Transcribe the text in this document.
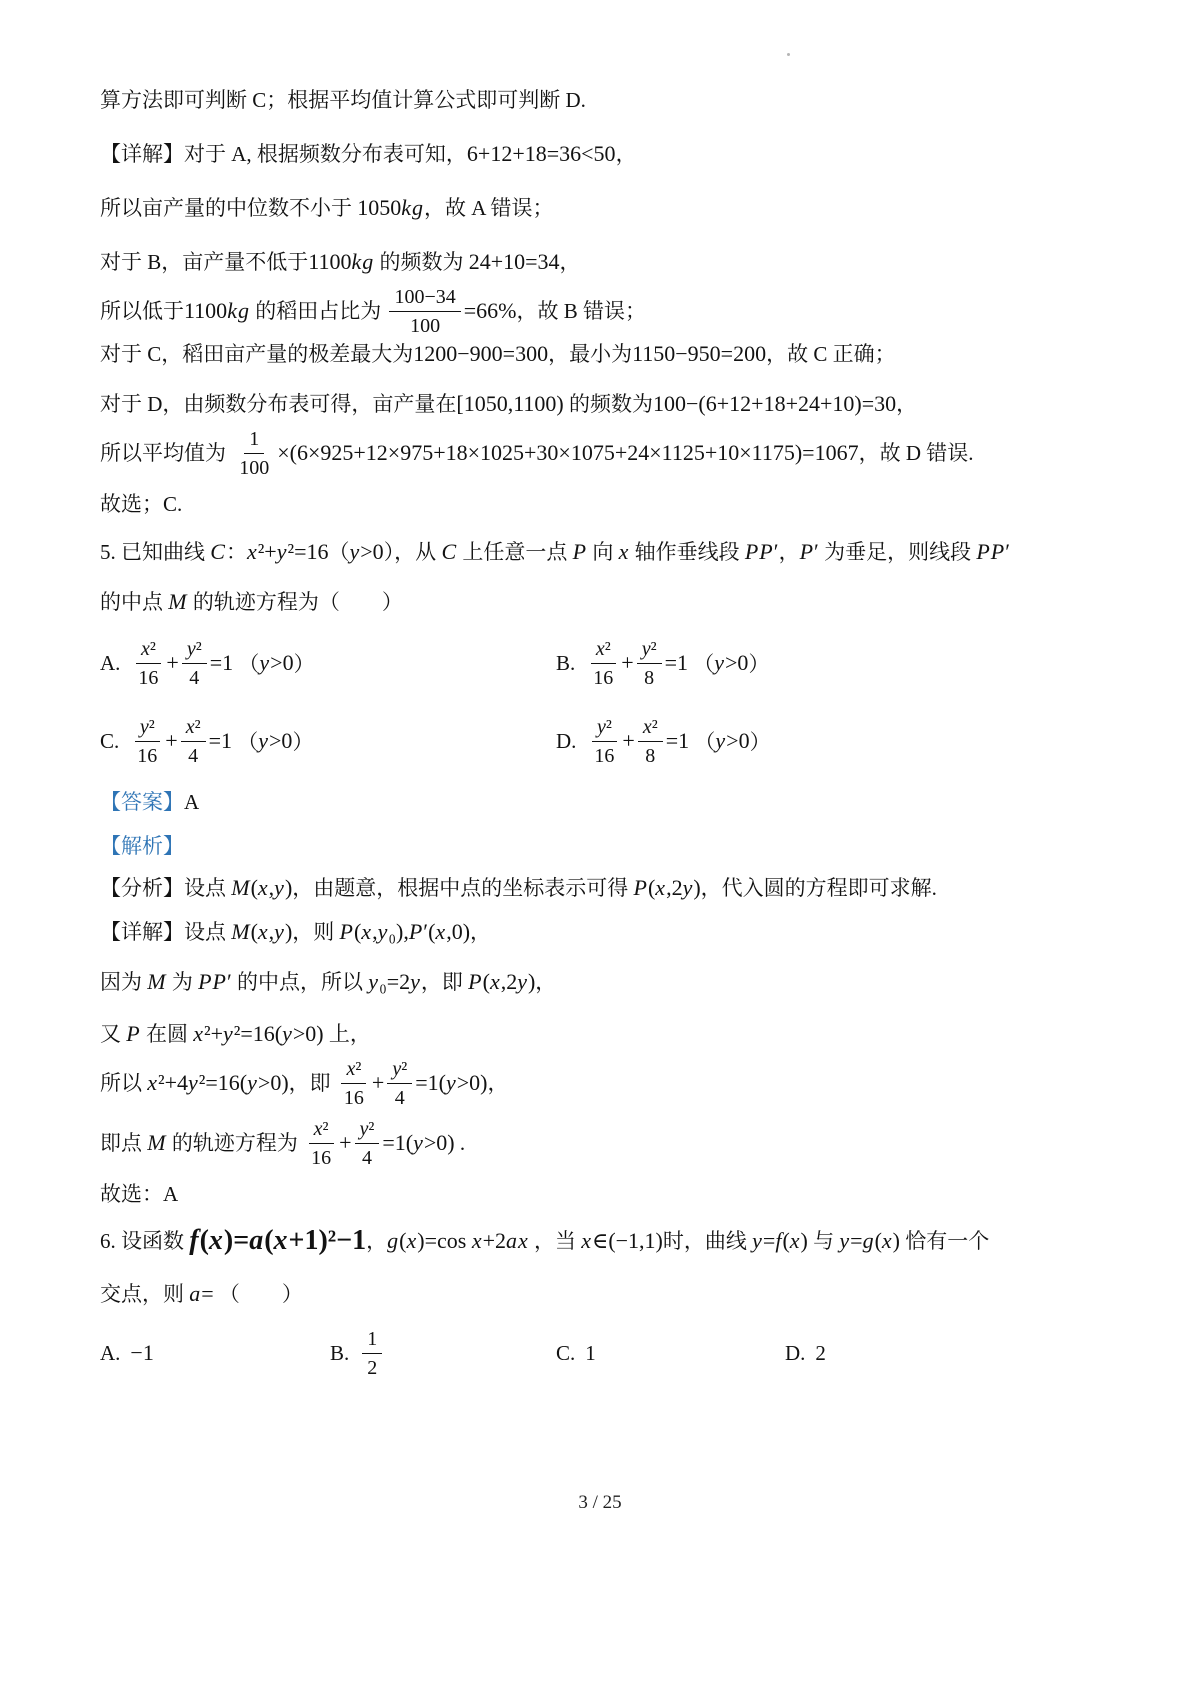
算方法即可判断 C；根据平均值计算公式即可判断 D.
【详解】对于 A, 根据频数分布表可知， 6+12+18=36<50 ，
所以亩产量的中位数不小于 1050kg ，故 A 错误；
对于 B，亩产量不低于 1100kg 的频数为 24+10=34 ，
所以低于 1100kg 的稻田占比为 $\frac{100-34}{100} =66\%$ ，故 B 错误；
对于 C，稻田亩产量的极差最大为 1200−900=300 ，最小为 1150−950=200 ，故 C 正确；
对于 D，由频数分布表可得，亩产量在 [1050,1100) 的频数为 100−(6+12+18+24+10)=30 ，
所以平均值为 $\frac{1}{100} \times(6\times 925+12\times 975+18\times 1025+30\times 1075+24\times 1125+10\times 1175)=1067$ ，故 D 错误.
故选；C.
5. 已知曲线 C ： x²+y²=16 （ y>0 ），从 C 上任意一点 P 向 x 轴作垂线段 PP′ ， P′ 为垂足，则线段 PP′
的中点 M 的轨迹方程为（　　）
A. $\frac{\text{x²}}{16} + \frac{\text{y²}}{4} =1$ （ y>0 ）	B. $\frac{\text{x²}}{16} + \frac{\text{y²}}{8} =1$ （ y>0 ）
C. $\frac{\text{y²}}{16} + \frac{\text{x²}}{4} =1$ （ y>0 ）	D. $\frac{\text{y²}}{16} + \frac{\text{x²}}{8} =1$ （ y>0 ）
【答案】 A
【解析】
【分析】设点 M(x,y) ，由题意，根据中点的坐标表示可得 P(x,2y) ，代入圆的方程即可求解.
【详解】设点 M(x,y) ，则 P(x,y₀),P′(x,0) ，
因为 M 为 PP′ 的中点，所以 y₀=2y ，即 P(x,2y) ，
又 P 在圆 x²+y²=16(y>0) 上，
所以 x²+4y²=16(y>0) ，即 $\frac{\text{x²}}{16} + \frac{\text{y²}}{4} =1(y>0)$ ，
即点 M 的轨迹方程为 $\frac{\text{x²}}{16} + \frac{\text{y²}}{4} =1(y>0)$ .
故选：A
6. 设函数 f(x)=a(x+1)²−1 ， g(x)=cos x+2ax ，当 x∈(−1,1) 时，曲线 y=f(x) 与 y=g(x) 恰有一个
交点，则 a= （　　）
A. −1	B. $\frac{1}{2}$	C. 1	D. 2
3 / 25
